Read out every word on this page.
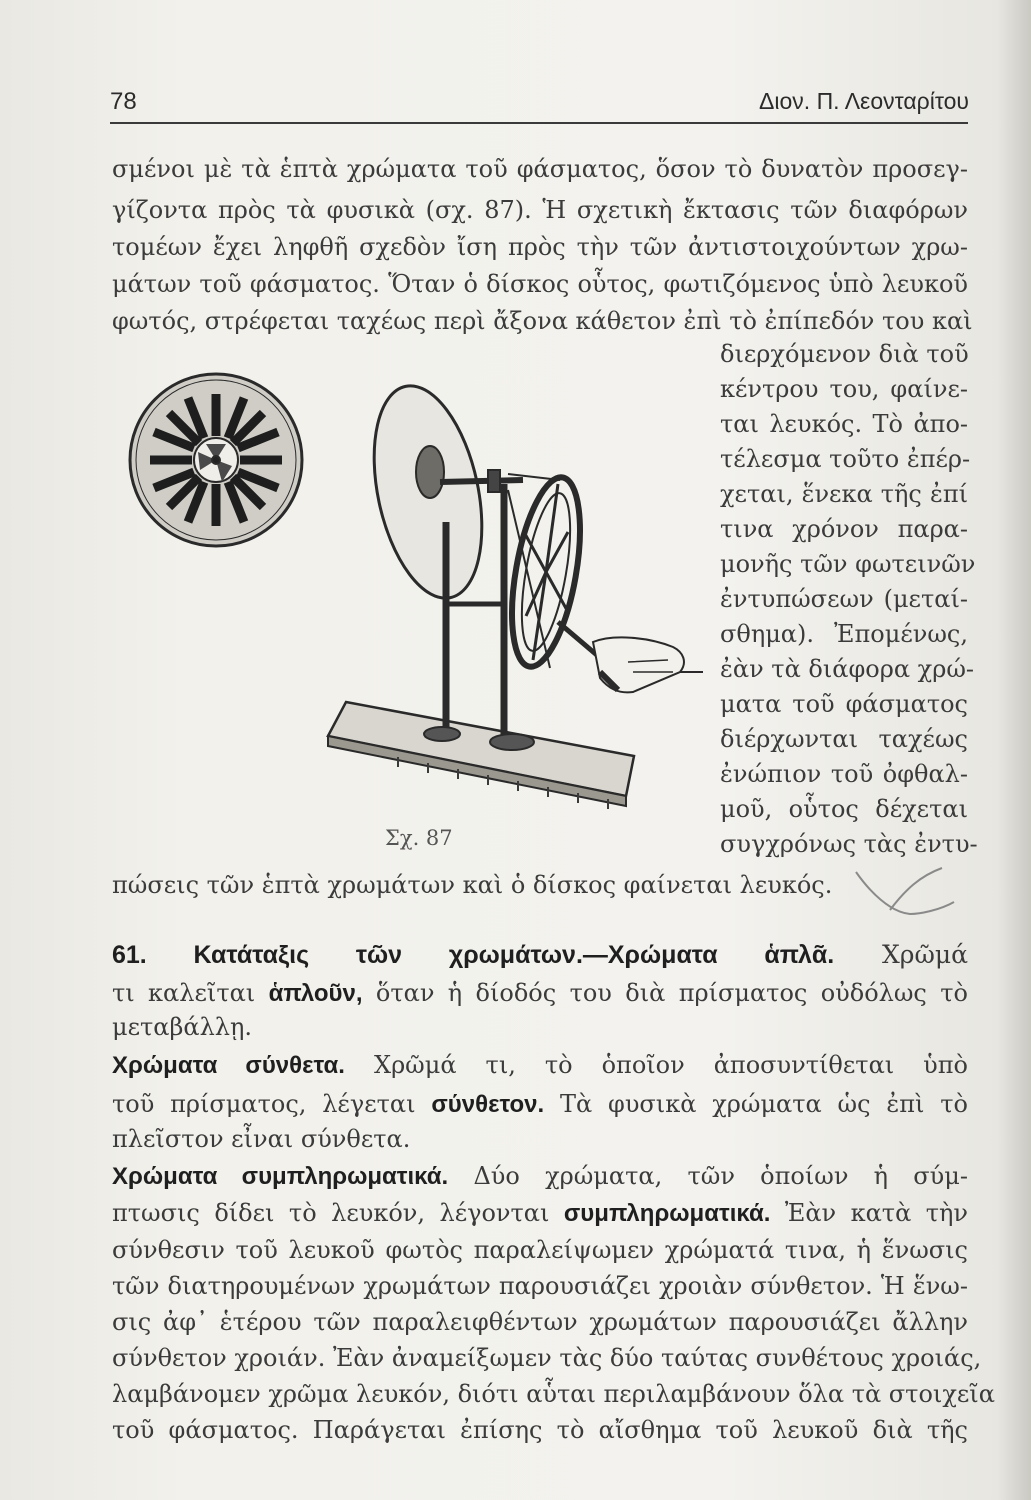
78	Διον. Π. Λεονταρίτου
σμένοι μὲ τὰ ἑπτὰ χρώματα τοῦ φάσματος, ὅσον τὸ δυνατὸν προσεγ-
γίζοντα πρὸς τὰ φυσικὰ (σχ. 87). Ἡ σχετικὴ ἔκτασις τῶν διαφόρων
τομέων ἔχει ληφθῆ σχεδὸν ἴση πρὸς τὴν τῶν ἀντιστοιχούντων χρω-
μάτων τοῦ φάσματος. Ὅταν ὁ δίσκος οὗτος, φωτιζόμενος ὑπὸ λευκοῦ
φωτός, στρέφεται ταχέως περὶ ἄξονα κάθετον ἐπὶ τὸ ἐπίπεδόν του καὶ
διερχόμενον διὰ τοῦ
κέντρου του, φαίνε-
ται λευκός. Τὸ ἀπο-
τέλεσμα τοῦτο ἐπέρ-
χεται, ἕνεκα τῆς ἐπί
τινα χρόνον παρα-
μονῆς τῶν φωτεινῶν
ἐντυπώσεων (μεταί-
σθημα). Ἐπομένως,
ἐὰν τὰ διάφορα χρώ-
ματα τοῦ φάσματος
διέρχωνται ταχέως
ἐνώπιον τοῦ ὀφθαλ-
μοῦ, οὗτος δέχεται
συγχρόνως τὰς ἐντυ-
Σχ. 87
πώσεις τῶν ἑπτὰ χρωμάτων καὶ ὁ δίσκος φαίνεται λευκός.
61. Κατάταξις τῶν χρωμάτων.—Χρώματα ἁπλᾶ. Χρῶμά
τι καλεῖται ἁπλοῦν, ὅταν ἡ δίοδός του διὰ πρίσματος οὐδόλως τὸ
μεταβάλλῃ.
Χρώματα σύνθετα. Χρῶμά τι, τὸ ὁποῖον ἀποσυντίθεται ὑπὸ
τοῦ πρίσματος, λέγεται σύνθετον. Τὰ φυσικὰ χρώματα ὡς ἐπὶ τὸ
πλεῖστον εἶναι σύνθετα.
Χρώματα συμπληρωματικά. Δύο χρώματα, τῶν ὁποίων ἡ σύμ-
πτωσις δίδει τὸ λευκόν, λέγονται συμπληρωματικά. Ἐὰν κατὰ τὴν
σύνθεσιν τοῦ λευκοῦ φωτὸς παραλείψωμεν χρώματά τινα, ἡ ἕνωσις
τῶν διατηρουμένων χρωμάτων παρουσιάζει χροιὰν σύνθετον. Ἡ ἕνω-
σις ἀφ᾽ ἑτέρου τῶν παραλειφθέντων χρωμάτων παρουσιάζει ἄλλην
σύνθετον χροιάν. Ἐὰν ἀναμείξωμεν τὰς δύο ταύτας συνθέτους χροιάς,
λαμβάνομεν χρῶμα λευκόν, διότι αὗται περιλαμβάνουν ὅλα τὰ στοιχεῖα
τοῦ φάσματος. Παράγεται ἐπίσης τὸ αἴσθημα τοῦ λευκοῦ διὰ τῆς
